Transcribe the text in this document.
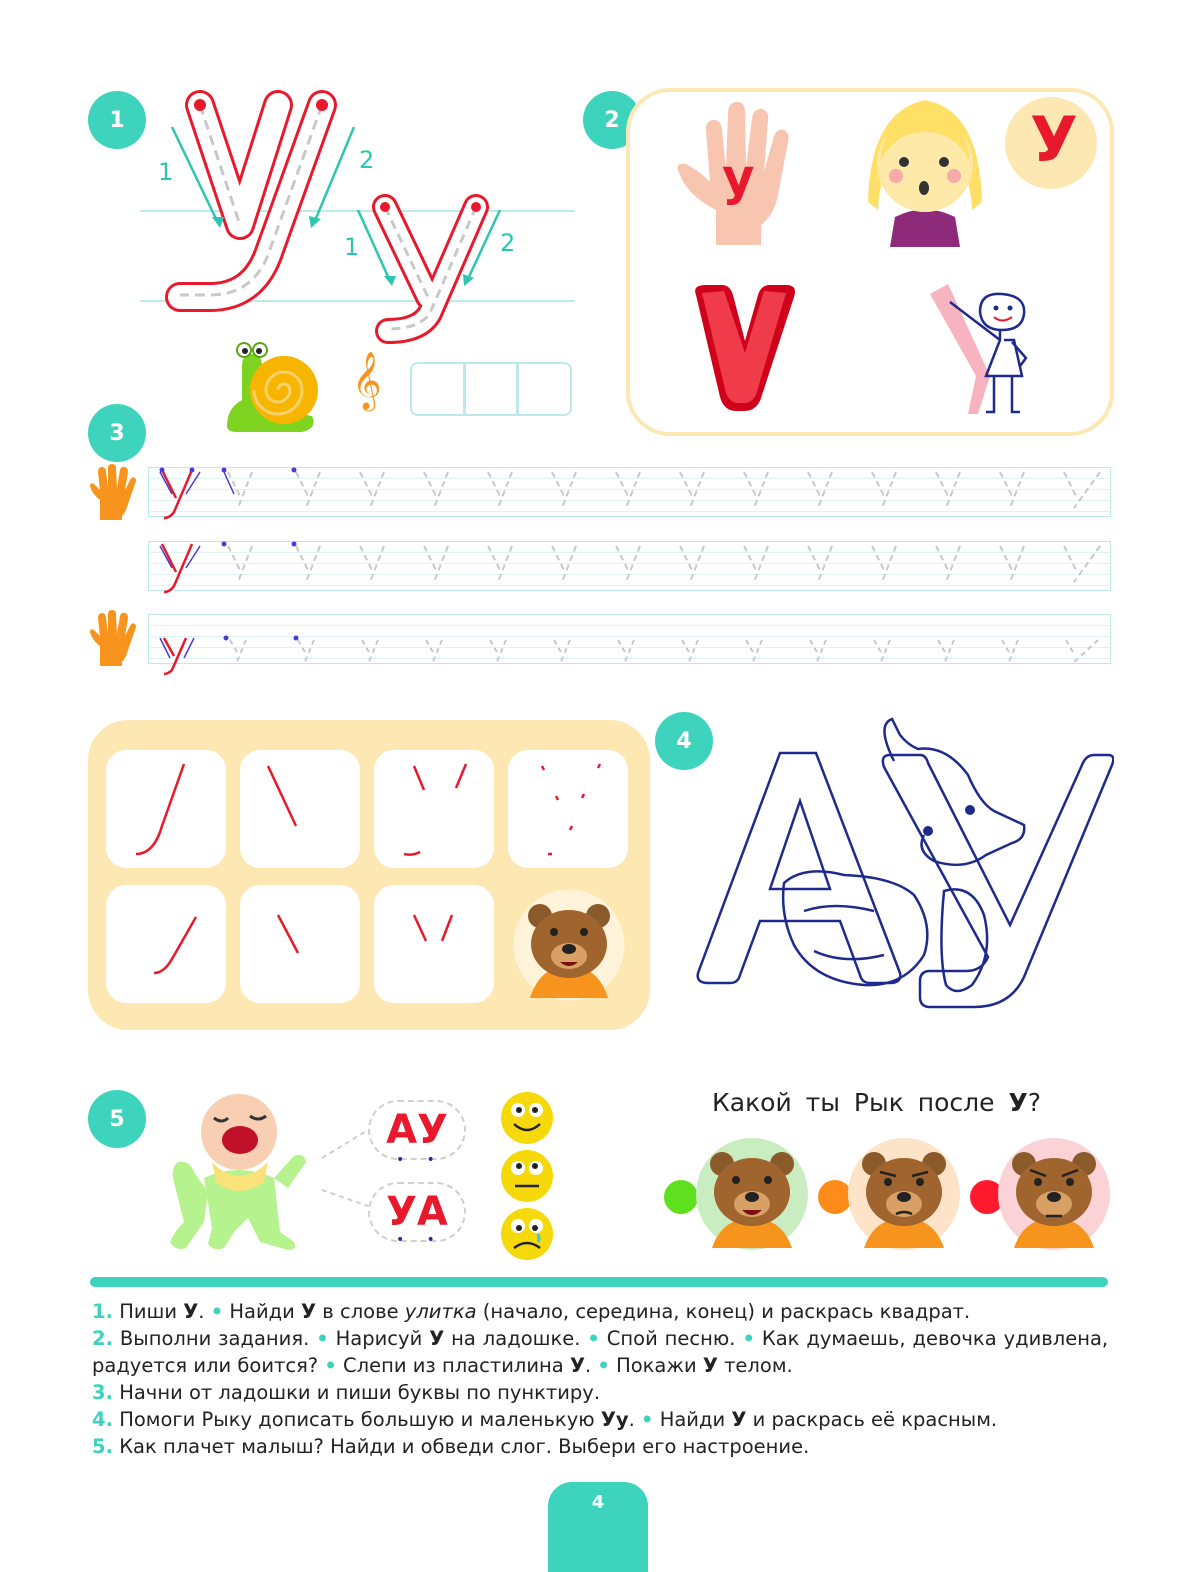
1	2
3
4
5
1	2
1	2
𝄞
у
У
АУ
УА
•     •
•     •
Какой ты Рык после У?

1. Пиши У. • Найди У в слове улитка (начало, середина, конец) и раскрась квадрат.

2. Выполни задания. • Нарисуй У на ладошке. • Спой песню. • Как думаешь, девочка удивлена, радуется или боится? • Слепи из пластилина У. • Покажи У телом.

3. Начни от ладошки и пиши буквы по пунктиру.

4. Помоги Рыку дописать большую и маленькую Уу. • Найди У и раскрась её красным.

5. Как плачет малыш? Найди и обведи слог. Выбери его настроение.

4
